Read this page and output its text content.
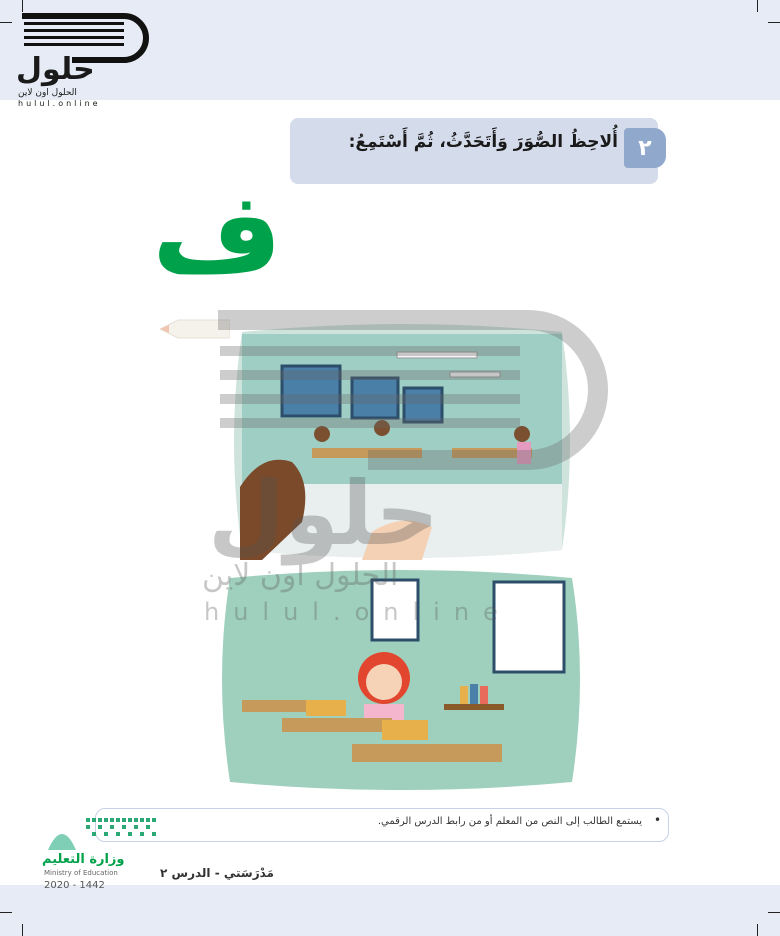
حلول
الحلول اون لاين
hulul.online
٢
أُلاحِظُ الصُّوَرَ وَأَتَحَدَّثُ، ثُمَّ أَسْتَمِعُ:
ف
حلول
الحلول اون لاين
hulul.online
•
يستمع الطالب إلى النص من المعلم أو من رابط الدرس الرقمي.
وزارة التعليم
Ministry of Education
2020 - 1442
مَدْرَسَتي - الدرس ٢
